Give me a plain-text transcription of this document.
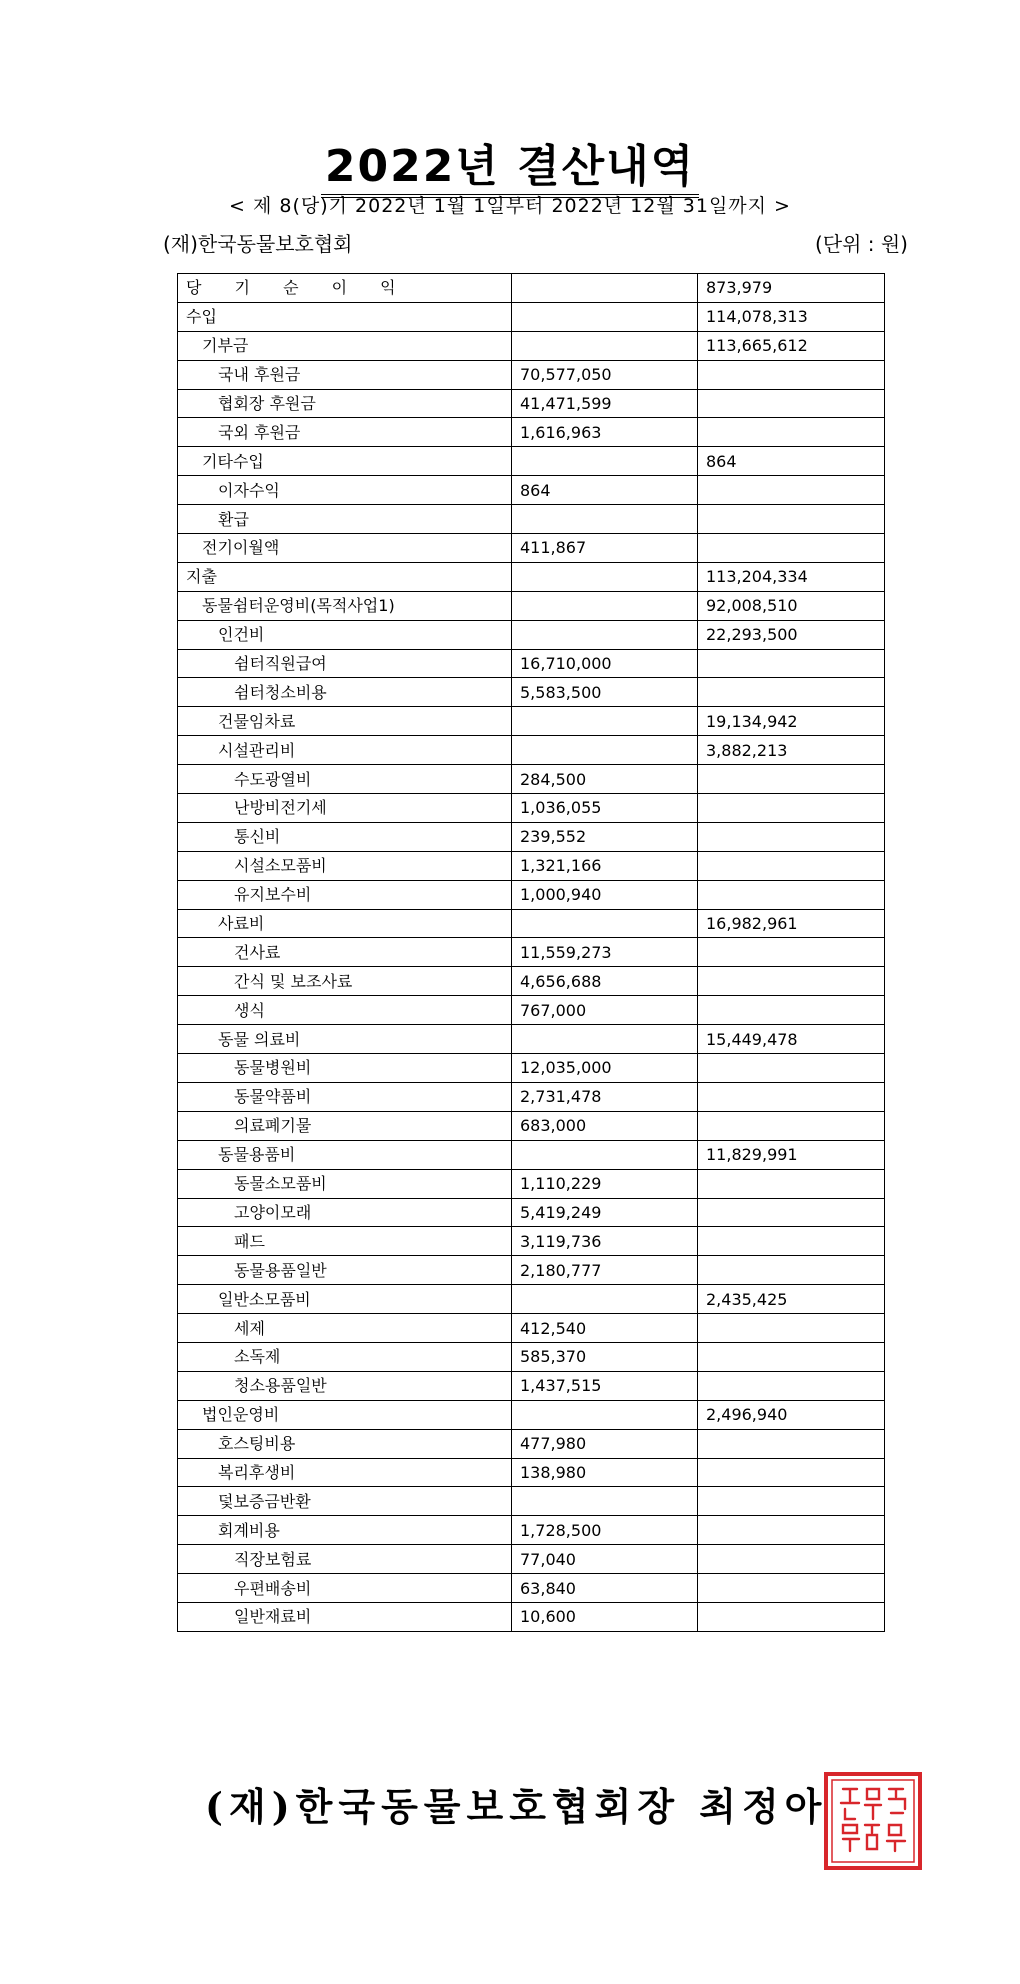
2022년 결산내역
< 제 8(당)기 2022년 1월 1일부터 2022년 12월 31일까지 >
(재)한국동물보호협회	(단위 : 원)
당 기 순 이 익		873,979
수입		114,078,313
기부금		113,665,612
국내 후원금	70,577,050	
협회장 후원금	41,471,599	
국외 후원금	1,616,963	
기타수입		864
이자수익	864	
환급		
전기이월액	411,867	
지출		113,204,334
동물쉼터운영비(목적사업1)		92,008,510
인건비		22,293,500
쉼터직원급여	16,710,000	
쉼터청소비용	5,583,500	
건물임차료		19,134,942
시설관리비		3,882,213
수도광열비	284,500	
난방비전기세	1,036,055	
통신비	239,552	
시설소모품비	1,321,166	
유지보수비	1,000,940	
사료비		16,982,961
건사료	11,559,273	
간식 및 보조사료	4,656,688	
생식	767,000	
동물 의료비		15,449,478
동물병원비	12,035,000	
동물약품비	2,731,478	
의료폐기물	683,000	
동물용품비		11,829,991
동물소모품비	1,110,229	
고양이모래	5,419,249	
패드	3,119,736	
동물용품일반	2,180,777	
일반소모품비		2,435,425
세제	412,540	
소독제	585,370	
청소용품일반	1,437,515	
법인운영비		2,496,940
호스팅비용	477,980	
복리후생비	138,980	
덫보증금반환		
회계비용	1,728,500	
직장보험료	77,040	
우편배송비	63,840	
일반재료비	10,600	
(재)한국동물보호협회장 최정아
